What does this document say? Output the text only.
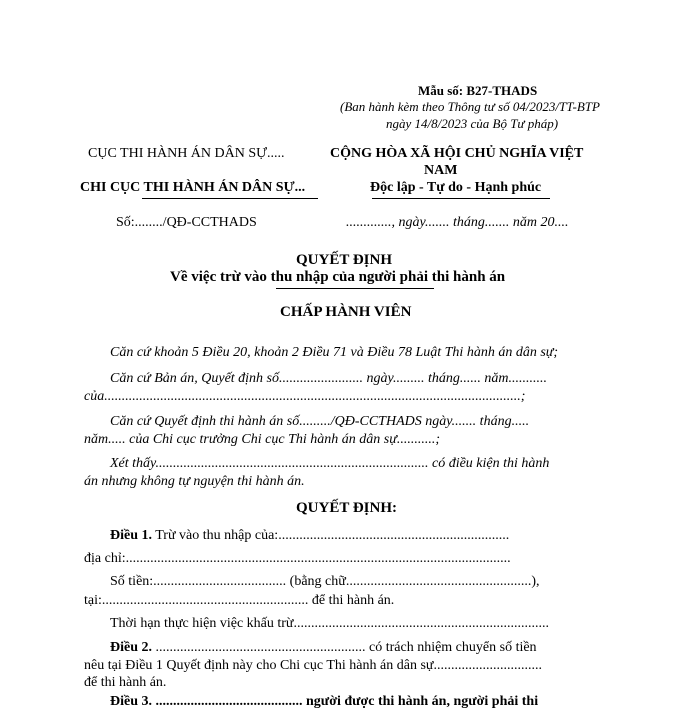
Mẫu số: B27-THADS
(Ban hành kèm theo Thông tư số 04/2023/TT-BTP
ngày 14/8/2023 của Bộ Tư pháp)
CỤC THI HÀNH ÁN DÂN SỰ.....
CHI CỤC THI HÀNH ÁN DÂN SỰ...
Số:......../QĐ-CCTHADS
CỘNG HÒA XÃ HỘI CHỦ NGHĨA VIỆT
NAM
Độc lập - Tự do - Hạnh phúc
............., ngày....... tháng....... năm 20....
QUYẾT ĐỊNH
Về việc trừ vào thu nhập của người phải thi hành án
CHẤP HÀNH VIÊN
Căn cứ khoản 5 Điều 20, khoản 2 Điều 71 và Điều 78 Luật Thi hành án dân sự;
Căn cứ Bản án, Quyết định số........................ ngày......... tháng...... năm...........
của.......................................................................................................................;
Căn cứ Quyết định thi hành án số........./QĐ-CCTHADS ngày....... tháng.....
năm..... của Chi cục trưởng Chi cục Thi hành án dân sự...........;
Xét thấy.............................................................................. có điều kiện thi hành
án nhưng không tự nguyện thi hành án.
QUYẾT ĐỊNH:
Điều 1. Trừ vào thu nhập của:..................................................................
địa chỉ:..............................................................................................................
Số tiền:...................................... (bằng chữ.....................................................),
tại:........................................................... để thi hành án.
Thời hạn thực hiện việc khấu trừ.........................................................................
Điều 2. ............................................................ có trách nhiệm chuyển số tiền
nêu tại Điều 1 Quyết định này cho Chi cục Thi hành án dân sự...............................
để thi hành án.
Điều 3. .......................................... người được thi hành án, người phải thi
